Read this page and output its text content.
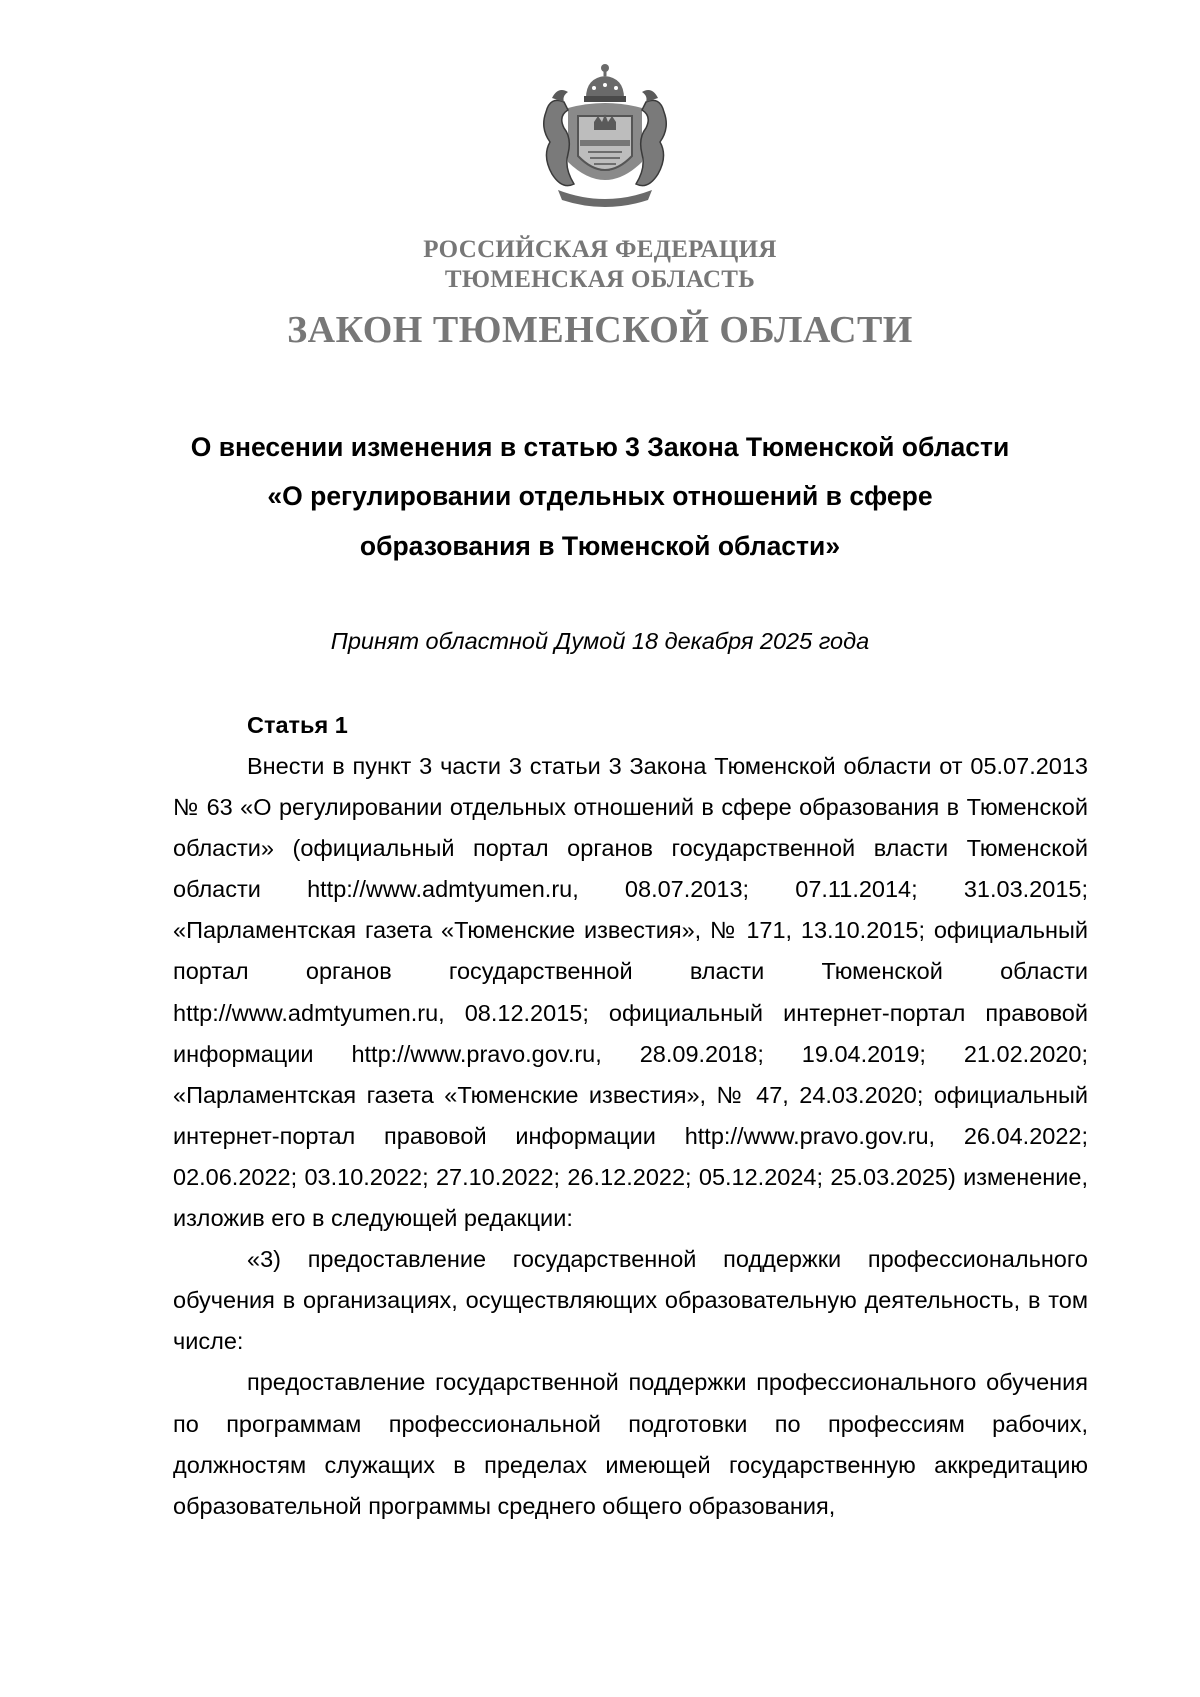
РОССИЙСКАЯ ФЕДЕРАЦИЯ
ТЮМЕНСКАЯ ОБЛАСТЬ
ЗАКОН ТЮМЕНСКОЙ ОБЛАСТИ
О внесении изменения в статью 3 Закона Тюменской области
«О регулировании отдельных отношений в сфере
образования в Тюменской области»
Принят областной Думой 18 декабря 2025 года
Статья 1

Внести в пункт 3 части 3 статьи 3 Закона Тюменской области от 05.07.2013 № 63 «О регулировании отдельных отношений в сфере образования в Тюменской области» (официальный портал органов государственной власти Тюменской области http://www.admtyumen.ru, 08.07.2013; 07.11.2014; 31.03.2015; «Парламентская газета «Тюменские известия», № 171, 13.10.2015; официальный портал органов государственной власти Тюменской области http://www.admtyumen.ru, 08.12.2015; официальный интернет-портал правовой информации http://www.pravo.gov.ru, 28.09.2018; 19.04.2019; 21.02.2020; «Парламентская газета «Тюменские известия», № 47, 24.03.2020; официальный интернет-портал правовой информации http://www.pravo.gov.ru, 26.04.2022; 02.06.2022; 03.10.2022; 27.10.2022; 26.12.2022; 05.12.2024; 25.03.2025) изменение, изложив его в следующей редакции:

«3) предоставление государственной поддержки профессионального обучения в организациях, осуществляющих образовательную деятельность, в том числе:

предоставление государственной поддержки профессионального обучения по программам профессиональной подготовки по профессиям рабочих, должностям служащих в пределах имеющей государственную аккредитацию образовательной программы среднего общего образования,
